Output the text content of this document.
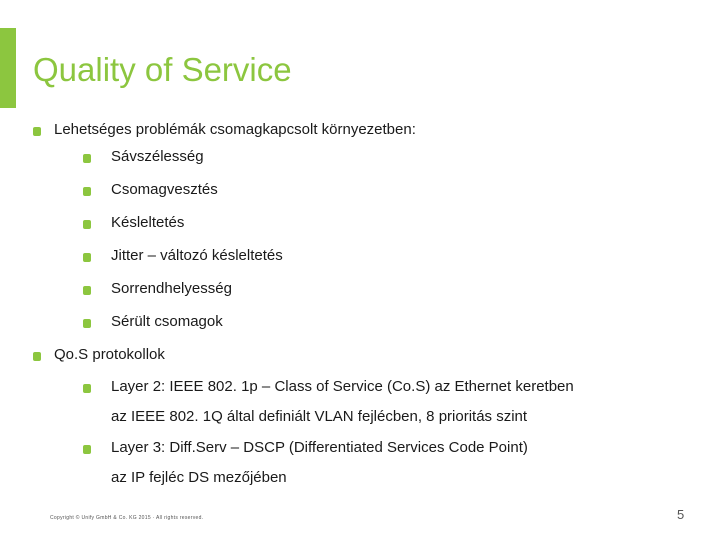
Quality of Service
Lehetséges problémák csomagkapcsolt környezetben:
Sávszélesség
Csomagvesztés
Késleltetés
Jitter – változó késleltetés
Sorrendhelyesség
Sérült csomagok
Qo.S protokollok
Layer 2: IEEE 802. 1p – Class of Service (Co.S) az Ethernet keretben
az IEEE 802. 1Q által definiált VLAN fejlécben, 8 prioritás szint
Layer 3: Diff.Serv – DSCP (Differentiated Services Code Point)
az IP fejléc DS mezőjében
Copyright © Unify GmbH & Co. KG 2015 · All rights reserved.	5
